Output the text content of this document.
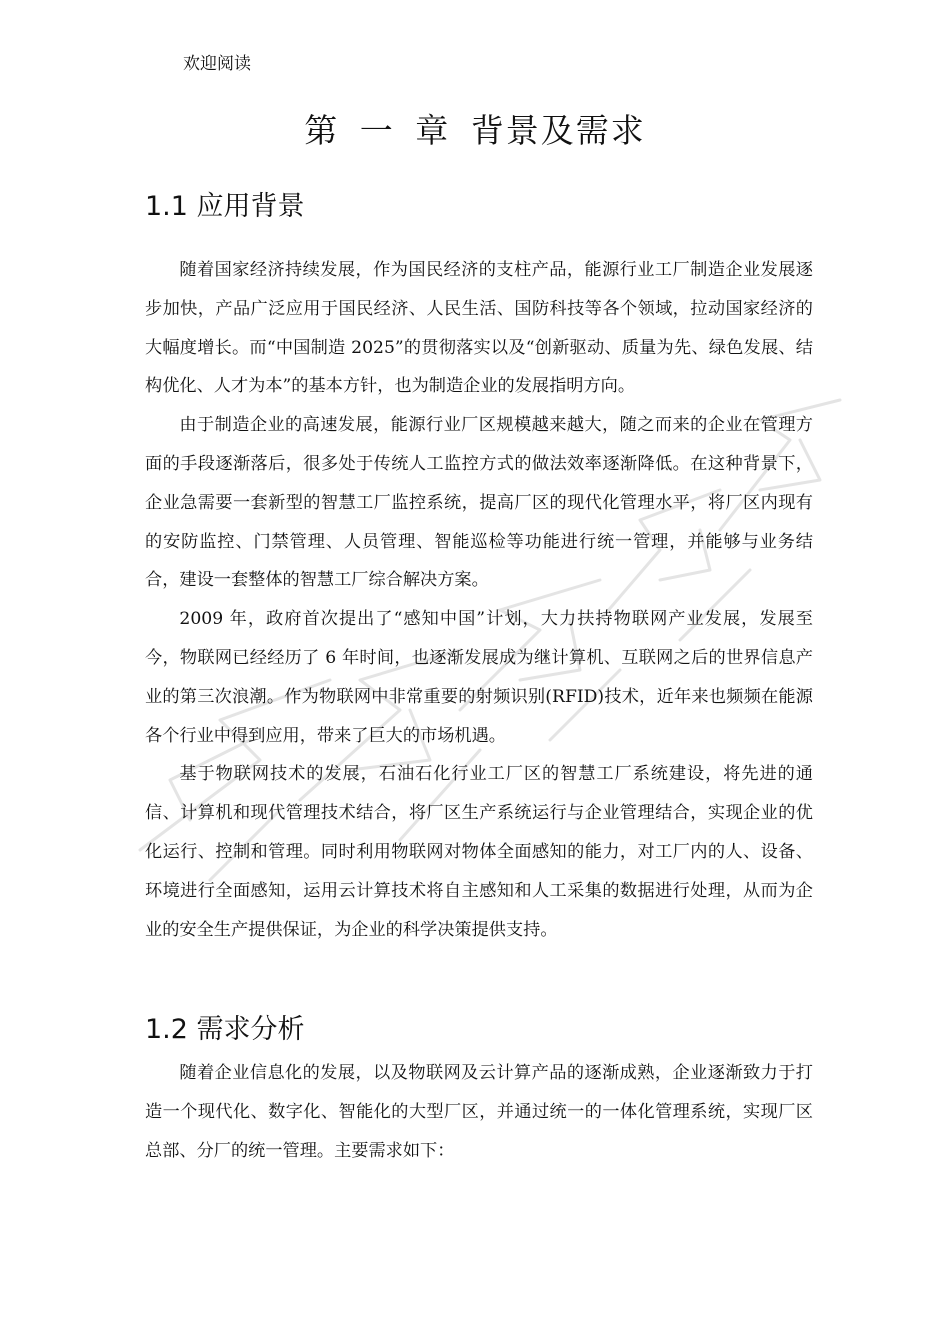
欢迎阅读
第 一 章 背景及需求
1.1 应用背景

随着国家经济持续发展，作为国民经济的支柱产品，能源行业工厂制造企业发展逐步加快，产品广泛应用于国民经济、人民生活、国防科技等各个领域，拉动国家经济的大幅度增长。而“中国制造 2025”的贯彻落实以及“创新驱动、质量为先、绿色发展、结构优化、人才为本”的基本方针，也为制造企业的发展指明方向。

由于制造企业的高速发展，能源行业厂区规模越来越大，随之而来的企业在管理方面的手段逐渐落后，很多处于传统人工监控方式的做法效率逐渐降低。在这种背景下，企业急需要一套新型的智慧工厂监控系统，提高厂区的现代化管理水平，将厂区内现有的安防监控、门禁管理、人员管理、智能巡检等功能进行统一管理，并能够与业务结合，建设一套整体的智慧工厂综合解决方案。

2009 年，政府首次提出了“感知中国”计划，大力扶持物联网产业发展，发展至今，物联网已经经历了 6 年时间，也逐渐发展成为继计算机、互联网之后的世界信息产业的第三次浪潮。作为物联网中非常重要的射频识别(RFID)技术，近年来也频频在能源各个行业中得到应用，带来了巨大的市场机遇。

基于物联网技术的发展，石油石化行业工厂区的智慧工厂系统建设，将先进的通信、计算机和现代管理技术结合，将厂区生产系统运行与企业管理结合，实现企业的优化运行、控制和管理。同时利用物联网对物体全面感知的能力，对工厂内的人、设备、环境进行全面感知，运用云计算技术将自主感知和人工采集的数据进行处理，从而为企业的安全生产提供保证，为企业的科学决策提供支持。

1.2 需求分析

随着企业信息化的发展，以及物联网及云计算产品的逐渐成熟，企业逐渐致力于打造一个现代化、数字化、智能化的大型厂区，并通过统一的一体化管理系统，实现厂区总部、分厂的统一管理。主要需求如下：
